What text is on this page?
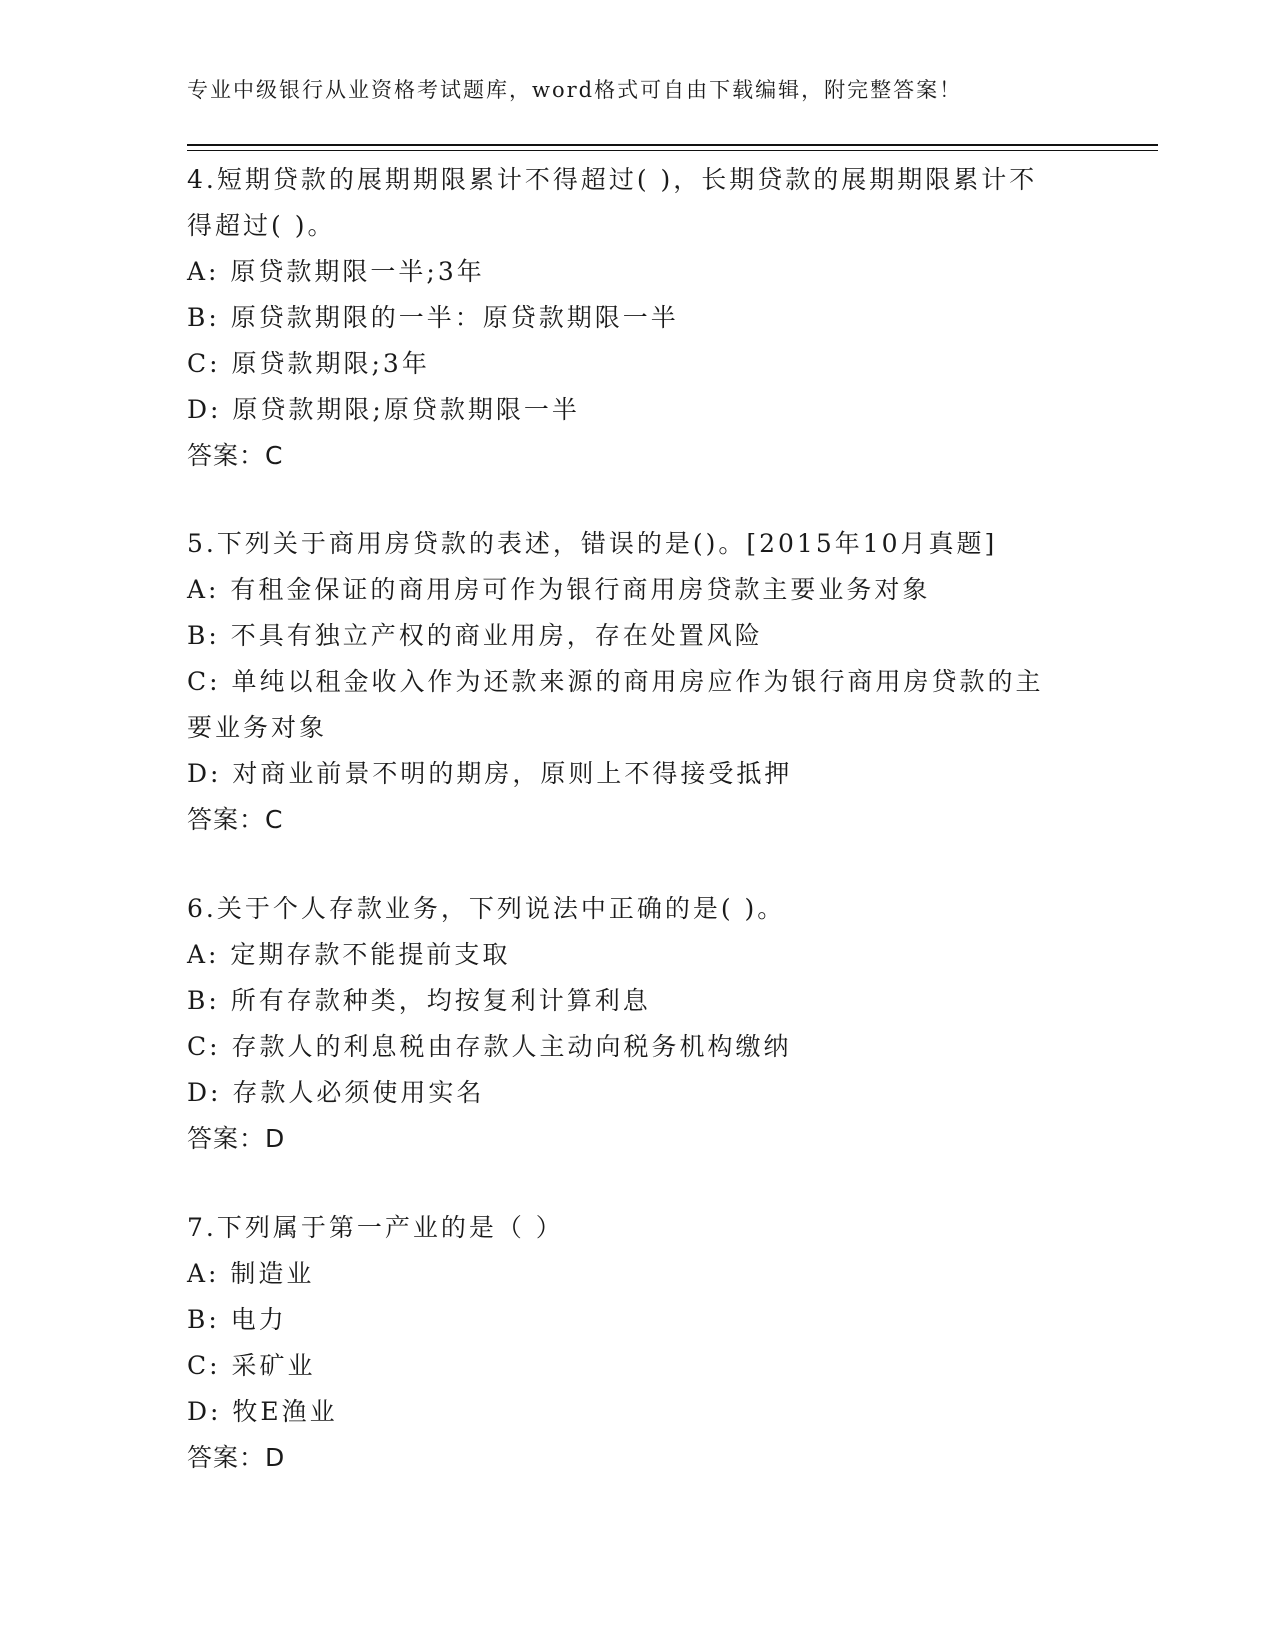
专业中级银行从业资格考试题库，word格式可自由下载编辑，附完整答案！
4.短期贷款的展期期限累计不得超过( )，长期贷款的展期期限累计不
得超过( )。
A: 原贷款期限一半;3年
B: 原贷款期限的一半：原贷款期限一半
C: 原贷款期限;3年
D: 原贷款期限;原贷款期限一半
答案：C
5.下列关于商用房贷款的表述，错误的是()。[2015年10月真题]
A: 有租金保证的商用房可作为银行商用房贷款主要业务对象
B: 不具有独立产权的商业用房，存在处置风险
C: 单纯以租金收入作为还款来源的商用房应作为银行商用房贷款的主
要业务对象
D: 对商业前景不明的期房，原则上不得接受抵押
答案：C
6.关于个人存款业务，下列说法中正确的是( )。
A: 定期存款不能提前支取
B: 所有存款种类，均按复利计算利息
C: 存款人的利息税由存款人主动向税务机构缴纳
D: 存款人必须使用实名
答案：D
7.下列属于第一产业的是（ ）
A: 制造业
B: 电力
C: 采矿业
D: 牧E渔业
答案：D
